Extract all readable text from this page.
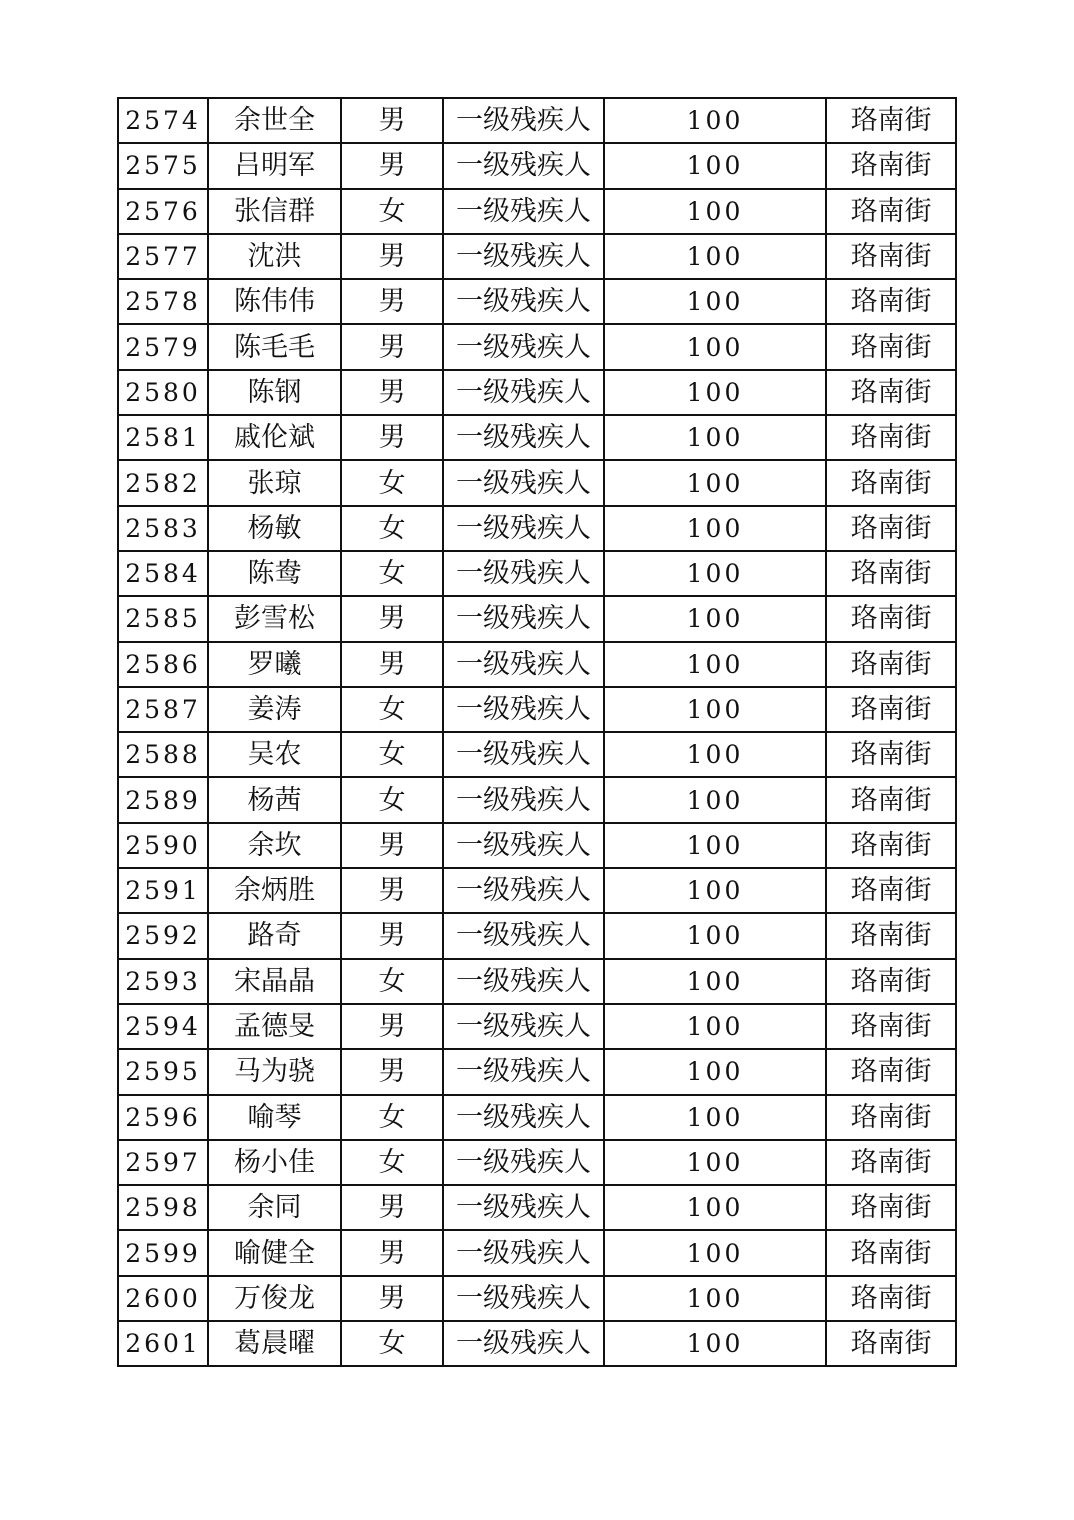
2574	余世全	男	一级残疾人	100	珞南街
2575	吕明军	男	一级残疾人	100	珞南街
2576	张信群	女	一级残疾人	100	珞南街
2577	沈洪	男	一级残疾人	100	珞南街
2578	陈伟伟	男	一级残疾人	100	珞南街
2579	陈毛毛	男	一级残疾人	100	珞南街
2580	陈钢	男	一级残疾人	100	珞南街
2581	戚伦斌	男	一级残疾人	100	珞南街
2582	张琼	女	一级残疾人	100	珞南街
2583	杨敏	女	一级残疾人	100	珞南街
2584	陈鸯	女	一级残疾人	100	珞南街
2585	彭雪松	男	一级残疾人	100	珞南街
2586	罗曦	男	一级残疾人	100	珞南街
2587	姜涛	女	一级残疾人	100	珞南街
2588	吴农	女	一级残疾人	100	珞南街
2589	杨茜	女	一级残疾人	100	珞南街
2590	余坎	男	一级残疾人	100	珞南街
2591	余炳胜	男	一级残疾人	100	珞南街
2592	路奇	男	一级残疾人	100	珞南街
2593	宋晶晶	女	一级残疾人	100	珞南街
2594	孟德旻	男	一级残疾人	100	珞南街
2595	马为骁	男	一级残疾人	100	珞南街
2596	喻琴	女	一级残疾人	100	珞南街
2597	杨小佳	女	一级残疾人	100	珞南街
2598	余同	男	一级残疾人	100	珞南街
2599	喻健全	男	一级残疾人	100	珞南街
2600	万俊龙	男	一级残疾人	100	珞南街
2601	葛晨曜	女	一级残疾人	100	珞南街
